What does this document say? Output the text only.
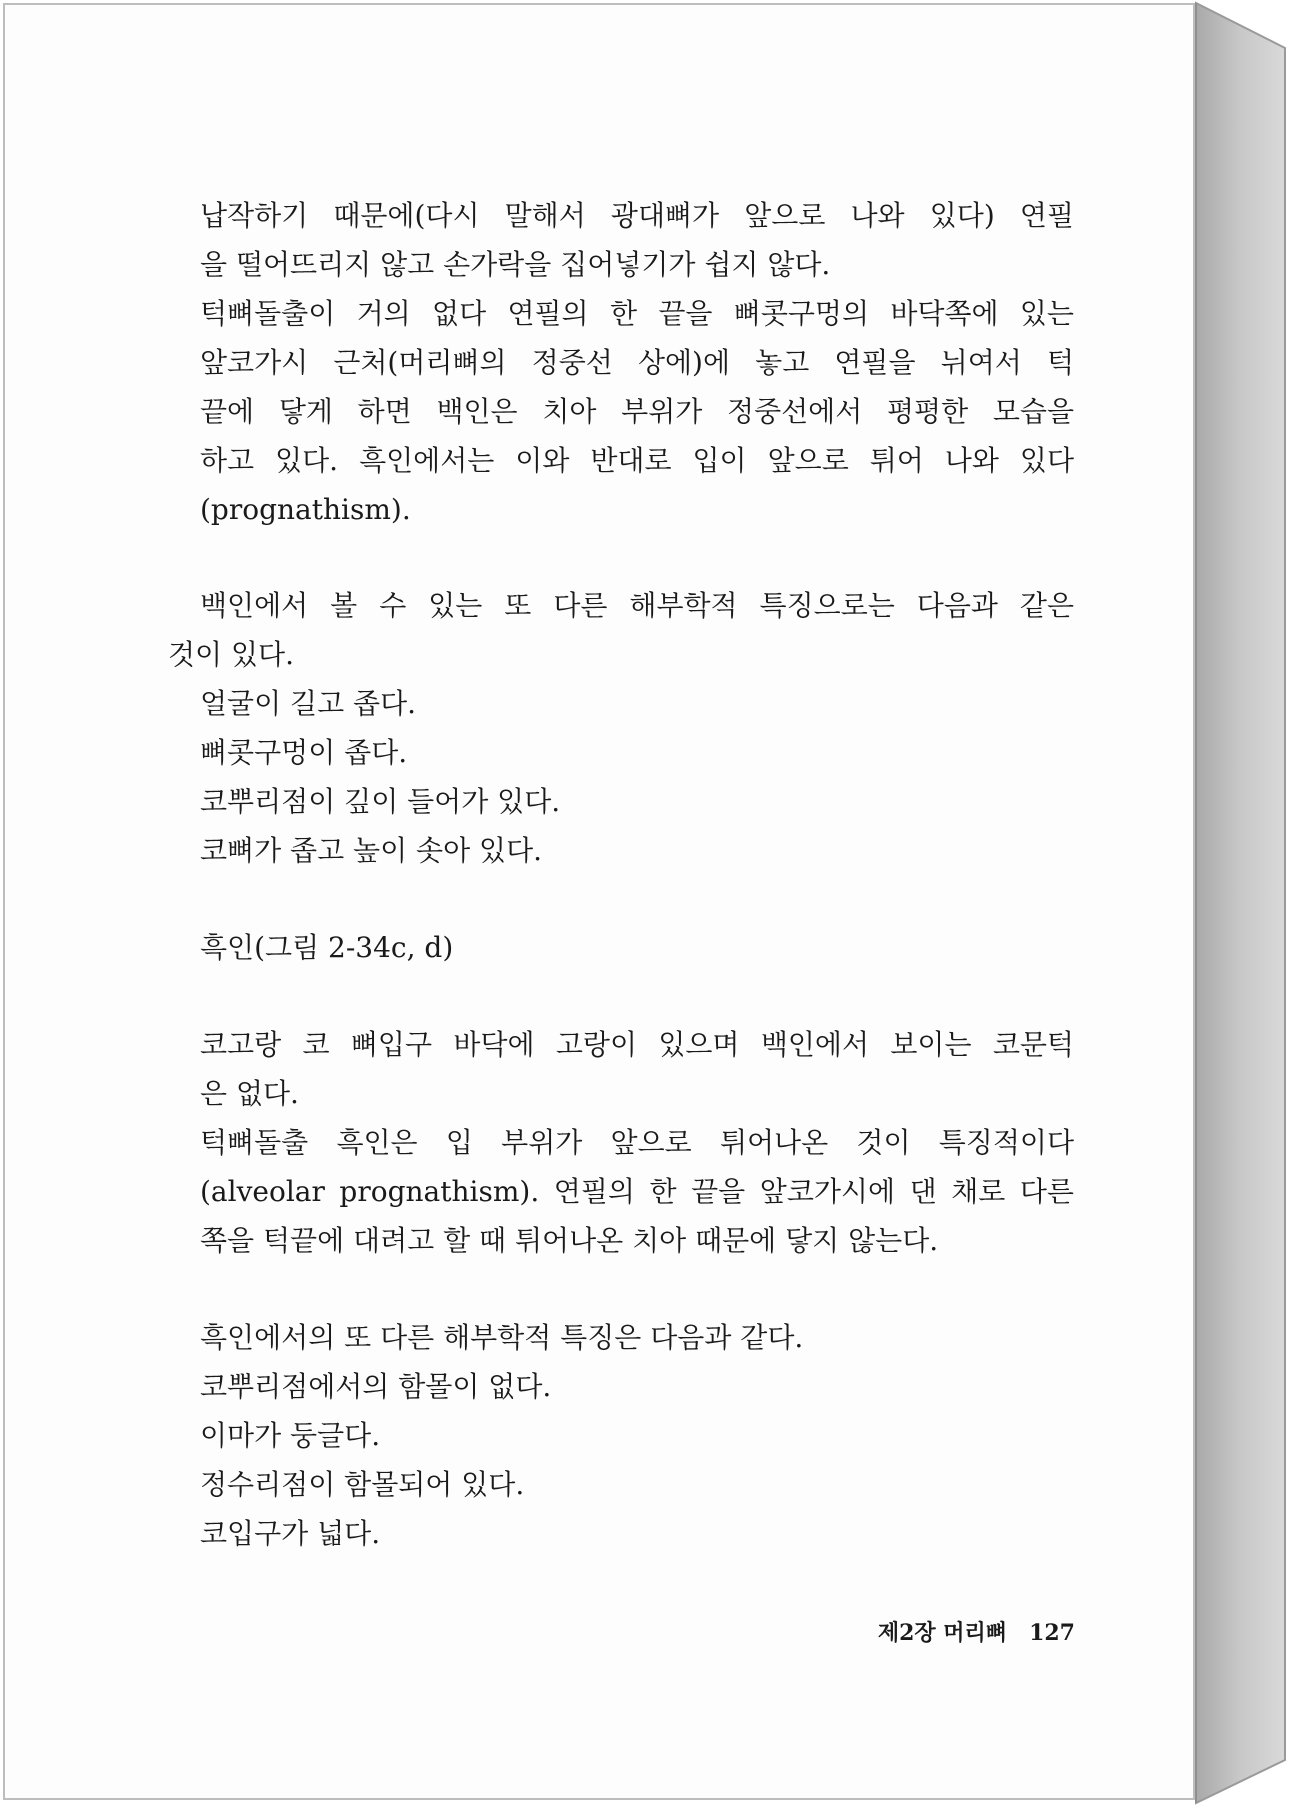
납작하기 때문에(다시 말해서 광대뼈가 앞으로 나와 있다) 연필
을 떨어뜨리지 않고 손가락을 집어넣기가 쉽지 않다.
턱뼈돌출이 거의 없다 연필의 한 끝을 뼈콧구멍의 바닥쪽에 있는
앞코가시 근처(머리뼈의 정중선 상에)에 놓고 연필을 뉘여서 턱
끝에 닿게 하면 백인은 치아 부위가 정중선에서 평평한 모습을
하고 있다. 흑인에서는 이와 반대로 입이 앞으로 튀어 나와 있다
(prognathism).
백인에서 볼 수 있는 또 다른 해부학적 특징으로는 다음과 같은
것이 있다.
얼굴이 길고 좁다.
뼈콧구멍이 좁다.
코뿌리점이 깊이 들어가 있다.
코뼈가 좁고 높이 솟아 있다.
흑인(그림 2-34c, d)
코고랑 코 뼈입구 바닥에 고랑이 있으며 백인에서 보이는 코문턱
은 없다.
턱뼈돌출 흑인은 입 부위가 앞으로 튀어나온 것이 특징적이다
(alveolar prognathism). 연필의 한 끝을 앞코가시에 댄 채로 다른
쪽을 턱끝에 대려고 할 때 튀어나온 치아 때문에 닿지 않는다.
흑인에서의 또 다른 해부학적 특징은 다음과 같다.
코뿌리점에서의 함몰이 없다.
이마가 둥글다.
정수리점이 함몰되어 있다.
코입구가 넓다.
제2장 머리뼈 127
